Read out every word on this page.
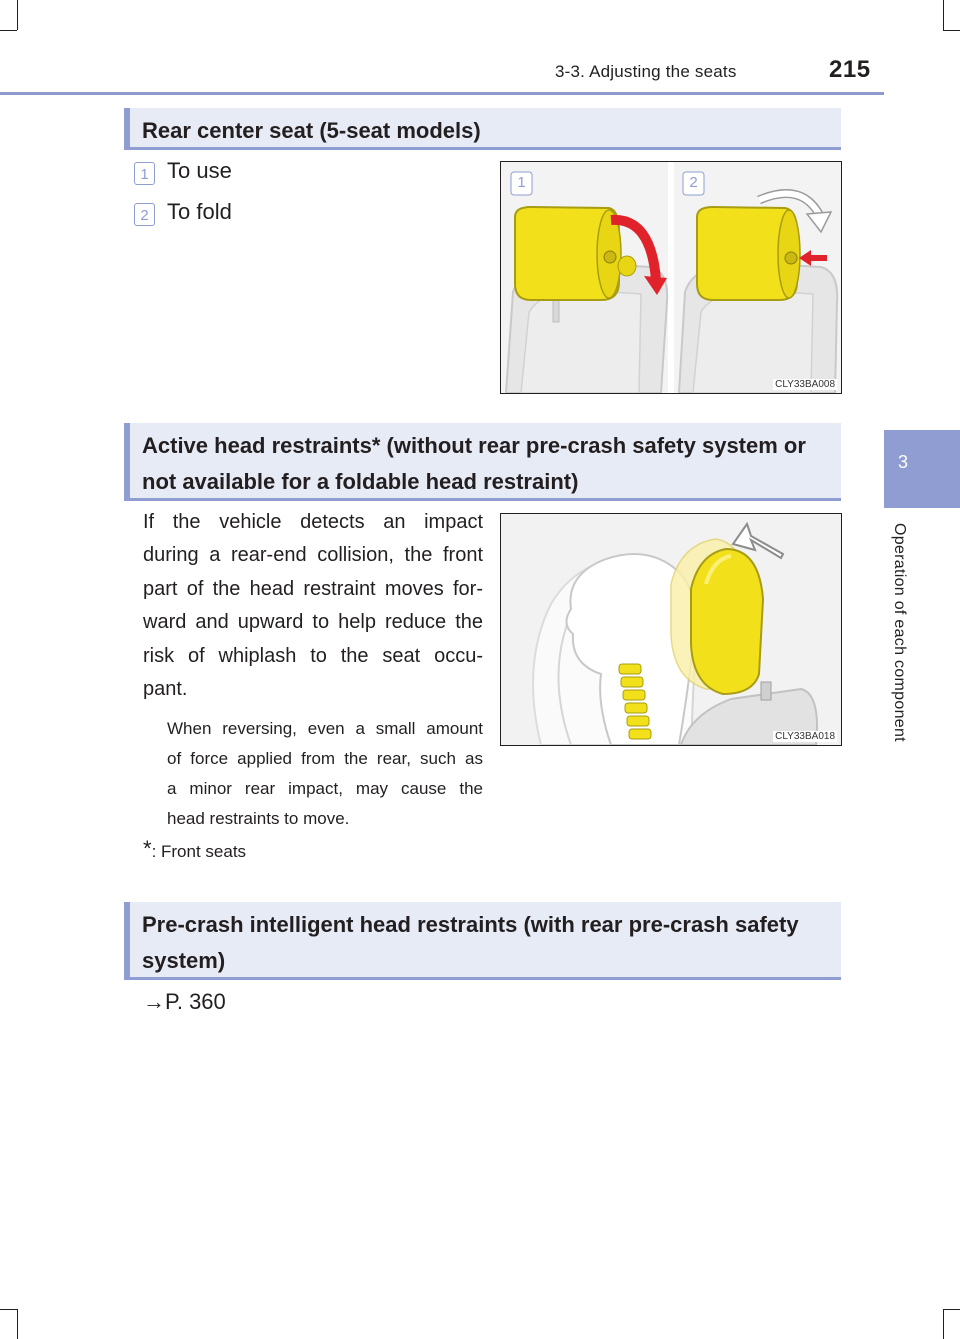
3-3. Adjusting the seats	215
3
Operation of each component
Rear center seat (5-seat models)
1 To use
2 To fold
1	2
CLY33BA008
Active head restraints* (without rear pre-crash safety system or
not available for a foldable head restraint)
If the vehicle detects an impact
during a rear-end collision, the front
part of the head restraint moves for-
ward and upward to help reduce the
risk of whiplash to the seat occu-
pant.
When reversing, even a small amount
of force applied from the rear, such as
a minor rear impact, may cause the
head restraints to move.
*: Front seats
CLY33BA018
Pre-crash intelligent head restraints (with rear pre-crash safety
system)
→P. 360
